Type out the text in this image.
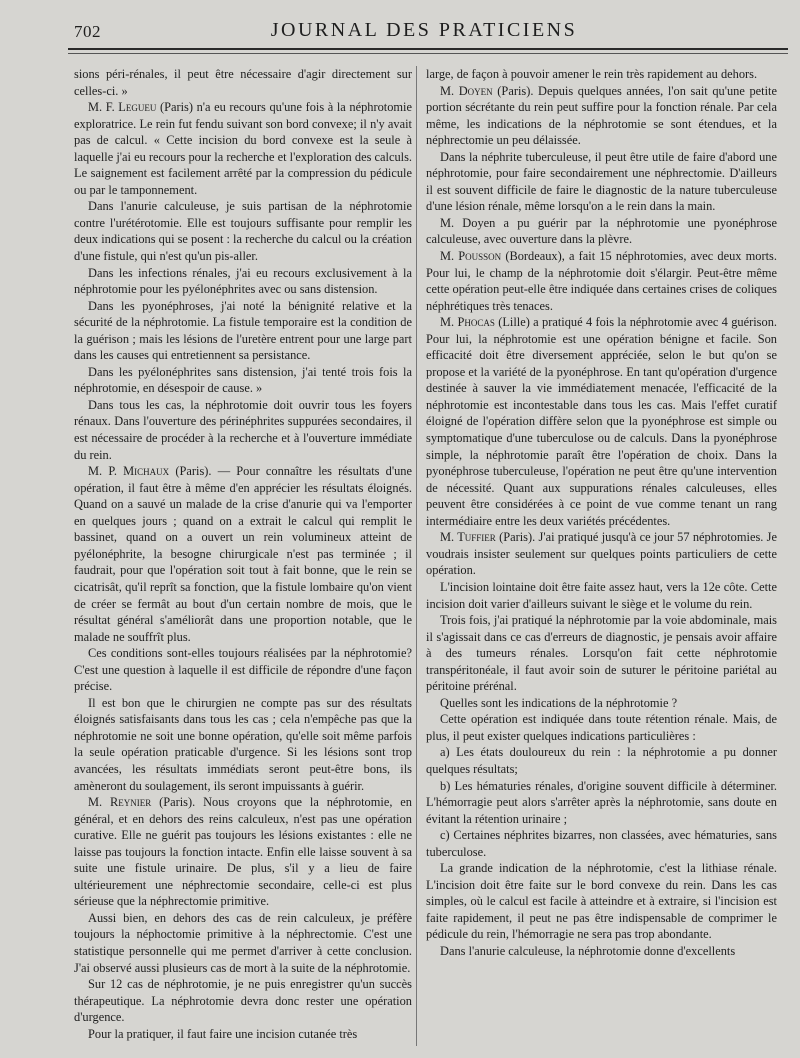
702	JOURNAL DES PRATICIENS

sions péri-rénales, il peut être nécessaire d'agir directement sur celles-ci. »

M. F. Legueu (Paris) n'a eu recours qu'une fois à la néphrotomie exploratrice. Le rein fut fendu suivant son bord convexe; il n'y avait pas de calcul. « Cette incision du bord convexe est la seule à laquelle j'ai eu recours pour la recherche et l'exploration des calculs. Le saignement est facilement arrêté par la compression du pédicule ou par le tamponnement.

Dans l'anurie calculeuse, je suis partisan de la néphrotomie contre l'urétérotomie. Elle est toujours suffisante pour remplir les deux indications qui se posent : la recherche du calcul ou la création d'une fistule, qui n'est qu'un pis-aller.

Dans les infections rénales, j'ai eu recours exclusivement à la néphrotomie pour les pyélonéphrites avec ou sans distension.

Dans les pyonéphroses, j'ai noté la bénignité relative et la sécurité de la néphrotomie. La fistule temporaire est la condition de la guérison ; mais les lésions de l'uretère entrent pour une large part dans les causes qui entretiennent sa persistance.

Dans les pyélonéphrites sans distension, j'ai tenté trois fois la néphrotomie, en désespoir de cause. »

Dans tous les cas, la néphrotomie doit ouvrir tous les foyers rénaux. Dans l'ouverture des périnéphrites suppurées secondaires, il est nécessaire de procéder à la recherche et à l'ouverture immédiate du rein.

M. P. Michaux (Paris). — Pour connaître les résultats d'une opération, il faut être à même d'en apprécier les résultats éloignés. Quand on a sauvé un malade de la crise d'anurie qui va l'emporter en quelques jours ; quand on a extrait le calcul qui remplit le bassinet, quand on a ouvert un rein volumineux atteint de pyélonéphrite, la besogne chirurgicale n'est pas terminée ; il faudrait, pour que l'opération soit tout à fait bonne, que le rein se cicatrisât, qu'il reprît sa fonction, que la fistule lombaire qu'on vient de créer se fermât au bout d'un certain nombre de mois, que le résultat général s'améliorât dans une proportion notable, que le malade ne souffrît plus.

Ces conditions sont-elles toujours réalisées par la néphrotomie? C'est une question à laquelle il est difficile de répondre d'une façon précise.

Il est bon que le chirurgien ne compte pas sur des résultats éloignés satisfaisants dans tous les cas ; cela n'empêche pas que la néphrotomie ne soit une bonne opération, qu'elle soit même parfois la seule opération praticable d'urgence. Si les lésions sont trop avancées, les résultats immédiats seront peut-être bons, ils amèneront du soulagement, ils seront impuissants à guérir.

M. Reynier (Paris). Nous croyons que la néphrotomie, en général, et en dehors des reins calculeux, n'est pas une opération curative. Elle ne guérit pas toujours les lésions existantes : elle ne laisse pas toujours la fonction intacte. Enfin elle laisse souvent à sa suite une fistule urinaire. De plus, s'il y a lieu de faire ultérieurement une néphrectomie secondaire, celle-ci est plus sérieuse que la néphrectomie primitive.

Aussi bien, en dehors des cas de rein calculeux, je préfère toujours la néphoctomie primitive à la néphrectomie. C'est une statistique personnelle qui me permet d'arriver à cette conclusion. J'ai observé aussi plusieurs cas de mort à la suite de la néphrotomie.

Sur 12 cas de néphrotomie, je ne puis enregistrer qu'un succès thérapeutique. La néphrotomie devra donc rester une opération d'urgence.

Pour la pratiquer, il faut faire une incision cutanée très

large, de façon à pouvoir amener le rein très rapidement au dehors.

M. Doyen (Paris). Depuis quelques années, l'on sait qu'une petite portion sécrétante du rein peut suffire pour la fonction rénale. Par cela même, les indications de la néphrotomie se sont étendues, et la néphrectomie un peu délaissée.

Dans la néphrite tuberculeuse, il peut être utile de faire d'abord une néphrotomie, pour faire secondairement une néphrectomie. D'ailleurs il est souvent difficile de faire le diagnostic de la nature tuberculeuse d'une lésion rénale, même lorsqu'on a le rein dans la main.

M. Doyen a pu guérir par la néphrotomie une pyonéphrose calculeuse, avec ouverture dans la plèvre.

M. Pousson (Bordeaux), a fait 15 néphrotomies, avec deux morts. Pour lui, le champ de la néphrotomie doit s'élargir. Peut-être même cette opération peut-elle être indiquée dans certaines crises de coliques néphrétiques très tenaces.

M. Phocas (Lille) a pratiqué 4 fois la néphrotomie avec 4 guérison. Pour lui, la néphrotomie est une opération bénigne et facile. Son efficacité doit être diversement appréciée, selon le but qu'on se propose et la variété de la pyonéphrose. En tant qu'opération d'urgence destinée à sauver la vie immédiatement menacée, l'efficacité de la néphrotomie est incontestable dans tous les cas. Mais l'effet curatif éloigné de l'opération diffère selon que la pyonéphrose est simple ou symptomatique d'une tuberculose ou de calculs. Dans la pyonéphrose simple, la néphrotomie paraît être l'opération de choix. Dans la pyonéphrose tuberculeuse, l'opération ne peut être qu'une intervention de nécessité. Quant aux suppurations rénales calculeuses, elles peuvent être considérées à ce point de vue comme tenant un rang intermédiaire entre les deux variétés précédentes.

M. Tuffier (Paris). J'ai pratiqué jusqu'à ce jour 57 néphrotomies. Je voudrais insister seulement sur quelques points particuliers de cette opération.

L'incision lointaine doit être faite assez haut, vers la 12e côte. Cette incision doit varier d'ailleurs suivant le siège et le volume du rein.

Trois fois, j'ai pratiqué la néphrotomie par la voie abdominale, mais il s'agissait dans ce cas d'erreurs de diagnostic, je pensais avoir affaire à des tumeurs rénales. Lorsqu'on fait cette néphrotomie transpéritonéale, il faut avoir soin de suturer le péritoine pariétal au péritoine prérénal.

Quelles sont les indications de la néphrotomie ?

Cette opération est indiquée dans toute rétention rénale. Mais, de plus, il peut exister quelques indications particulières :

a) Les états douloureux du rein : la néphrotomie a pu donner quelques résultats;

b) Les hématuries rénales, d'origine souvent difficile à déterminer. L'hémorragie peut alors s'arrêter après la néphrotomie, sans doute en évitant la rétention urinaire ;

c) Certaines néphrites bizarres, non classées, avec hématuries, sans tuberculose.

La grande indication de la néphrotomie, c'est la lithiase rénale. L'incision doit être faite sur le bord convexe du rein. Dans les cas simples, où le calcul est facile à atteindre et à extraire, si l'incision est faite rapidement, il peut ne pas être indispensable de comprimer le pédicule du rein, l'hémorragie ne sera pas trop abondante.

Dans l'anurie calculeuse, la néphrotomie donne d'excellents
